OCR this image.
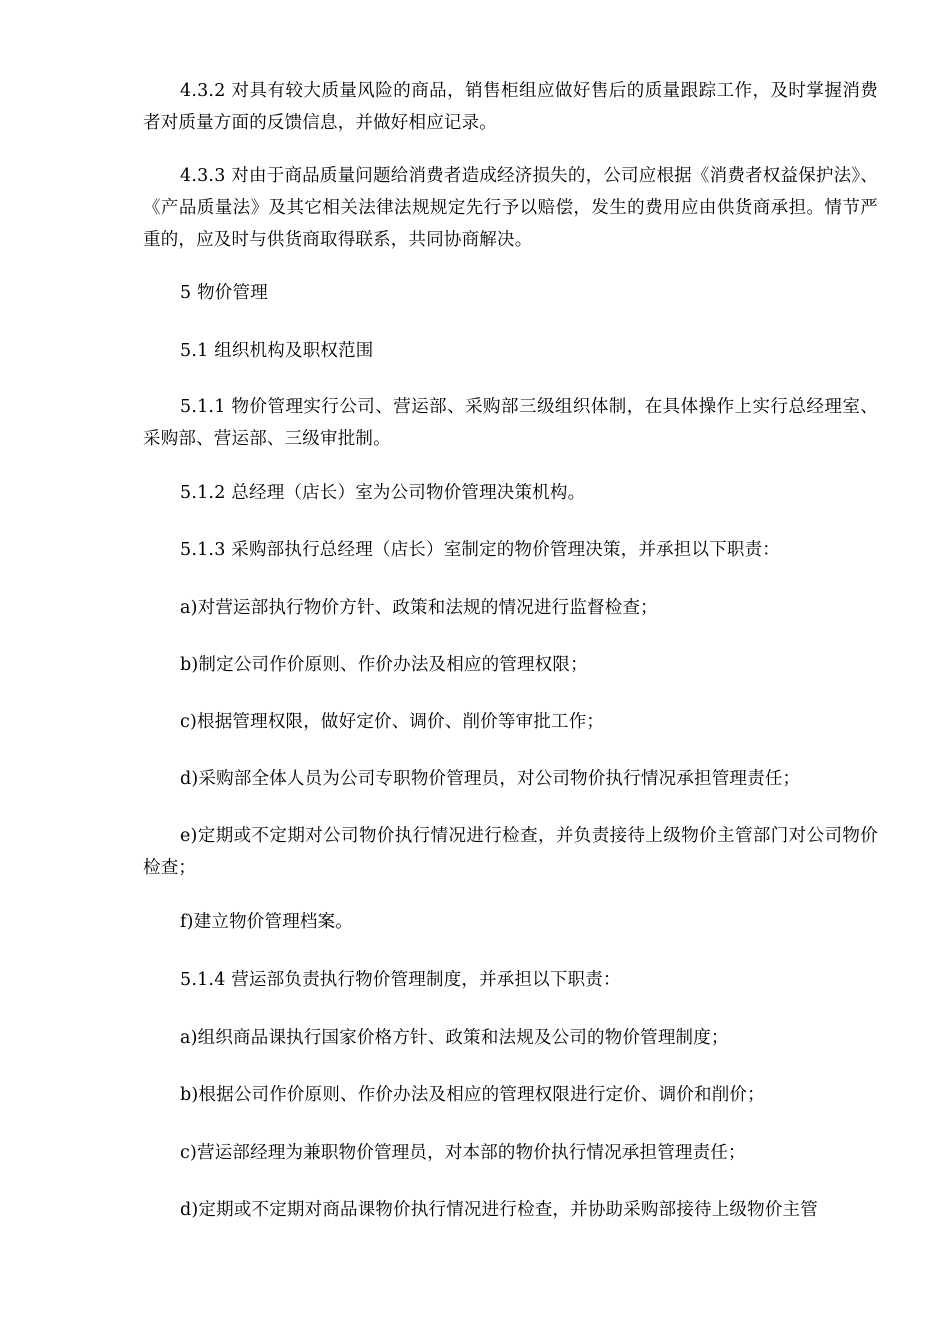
4.3.2 对具有较大质量风险的商品，销售柜组应做好售后的质量跟踪工作，及时掌握消费者对质量方面的反馈信息，并做好相应记录。

4.3.3 对由于商品质量问题给消费者造成经济损失的，公司应根据《消费者权益保护法》、《产品质量法》及其它相关法律法规规定先行予以赔偿，发生的费用应由供货商承担。情节严重的，应及时与供货商取得联系，共同协商解决。

5 物价管理

5.1 组织机构及职权范围

5.1.1 物价管理实行公司、营运部、采购部三级组织体制，在具体操作上实行总经理室、采购部、营运部、三级审批制。

5.1.2 总经理（店长）室为公司物价管理决策机构。

5.1.3 采购部执行总经理（店长）室制定的物价管理决策，并承担以下职责：

a)对营运部执行物价方针、政策和法规的情况进行监督检查；

b)制定公司作价原则、作价办法及相应的管理权限；

c)根据管理权限，做好定价、调价、削价等审批工作；

d)采购部全体人员为公司专职物价管理员，对公司物价执行情况承担管理责任；

e)定期或不定期对公司物价执行情况进行检查，并负责接待上级物价主管部门对公司物价检查；

f)建立物价管理档案。

5.1.4 营运部负责执行物价管理制度，并承担以下职责：

a)组织商品课执行国家价格方针、政策和法规及公司的物价管理制度；

b)根据公司作价原则、作价办法及相应的管理权限进行定价、调价和削价；

c)营运部经理为兼职物价管理员，对本部的物价执行情况承担管理责任；

d)定期或不定期对商品课物价执行情况进行检查，并协助采购部接待上级物价主管
